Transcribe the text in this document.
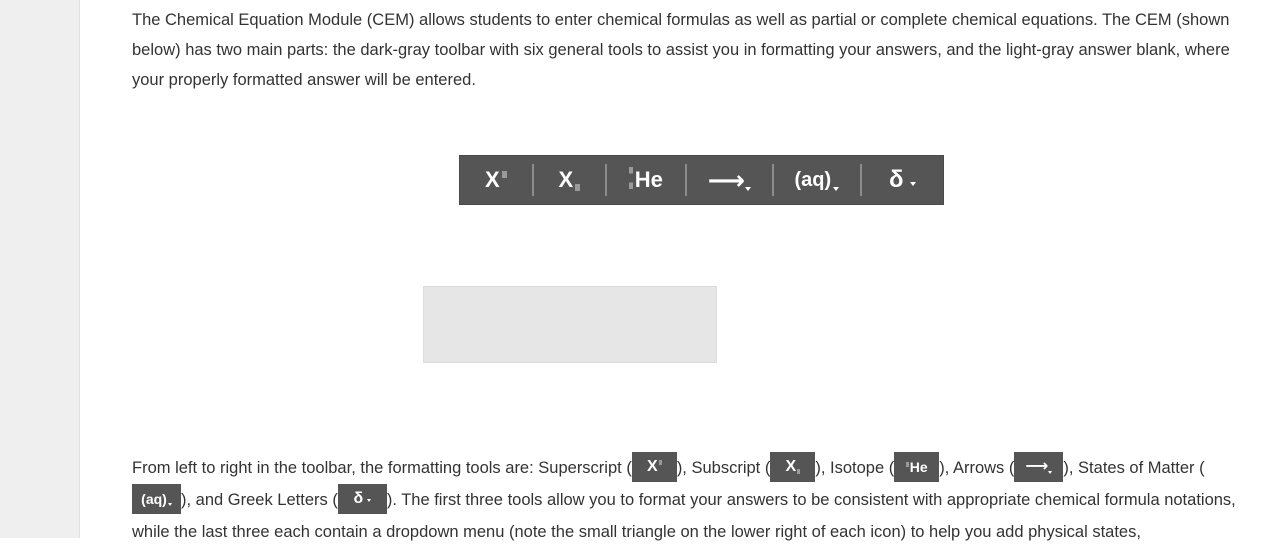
The Chemical Equation Module (CEM) allows students to enter chemical formulas as well as partial or complete chemical equations. The CEM (shown below) has two main parts: the dark-gray toolbar with six general tools to assist you in formatting your answers, and the light-gray answer blank, where your properly formatted answer will be entered.

From left to right in the toolbar, the formatting tools are: Superscript ( X ), Subscript ( X ), Isotope ( He ), Arrows ( ⟶ ), States of Matter (
(aq) ), and Greek Letters ( δ ). The first three tools allow you to format your answers to be consistent with appropriate chemical formula notations, while the last three each contain a dropdown menu (note the small triangle on the lower right of each icon) to help you add physical states,

X	X	He ⟶ (aq) δ
